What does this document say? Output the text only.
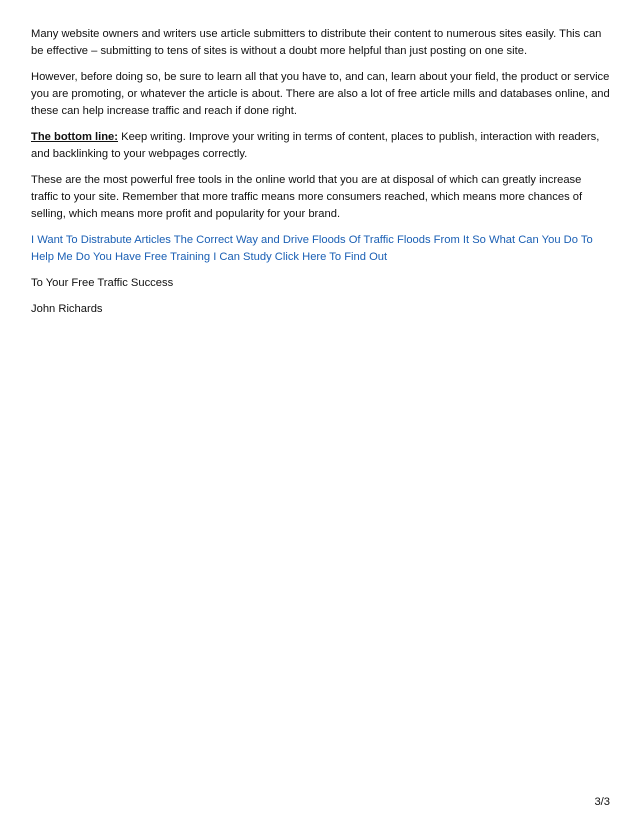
Many website owners and writers use article submitters to distribute their content to numerous sites easily. This can be effective – submitting to tens of sites is without a doubt more helpful than just posting on one site.

However, before doing so, be sure to learn all that you have to, and can, learn about your field, the product or service you are promoting, or whatever the article is about. There are also a lot of free article mills and databases online, and these can help increase traffic and reach if done right.

The bottom line: Keep writing. Improve your writing in terms of content, places to publish, interaction with readers, and backlinking to your webpages correctly.

These are the most powerful free tools in the online world that you are at disposal of which can greatly increase traffic to your site. Remember that more traffic means more consumers reached, which means more chances of selling, which means more profit and popularity for your brand.

I Want To Distrabute Articles The Correct Way and Drive Floods Of Traffic Floods From It So What Can You Do To Help Me Do You Have Free Training I Can Study Click Here To Find Out

To Your Free Traffic Success

John Richards

3/3
